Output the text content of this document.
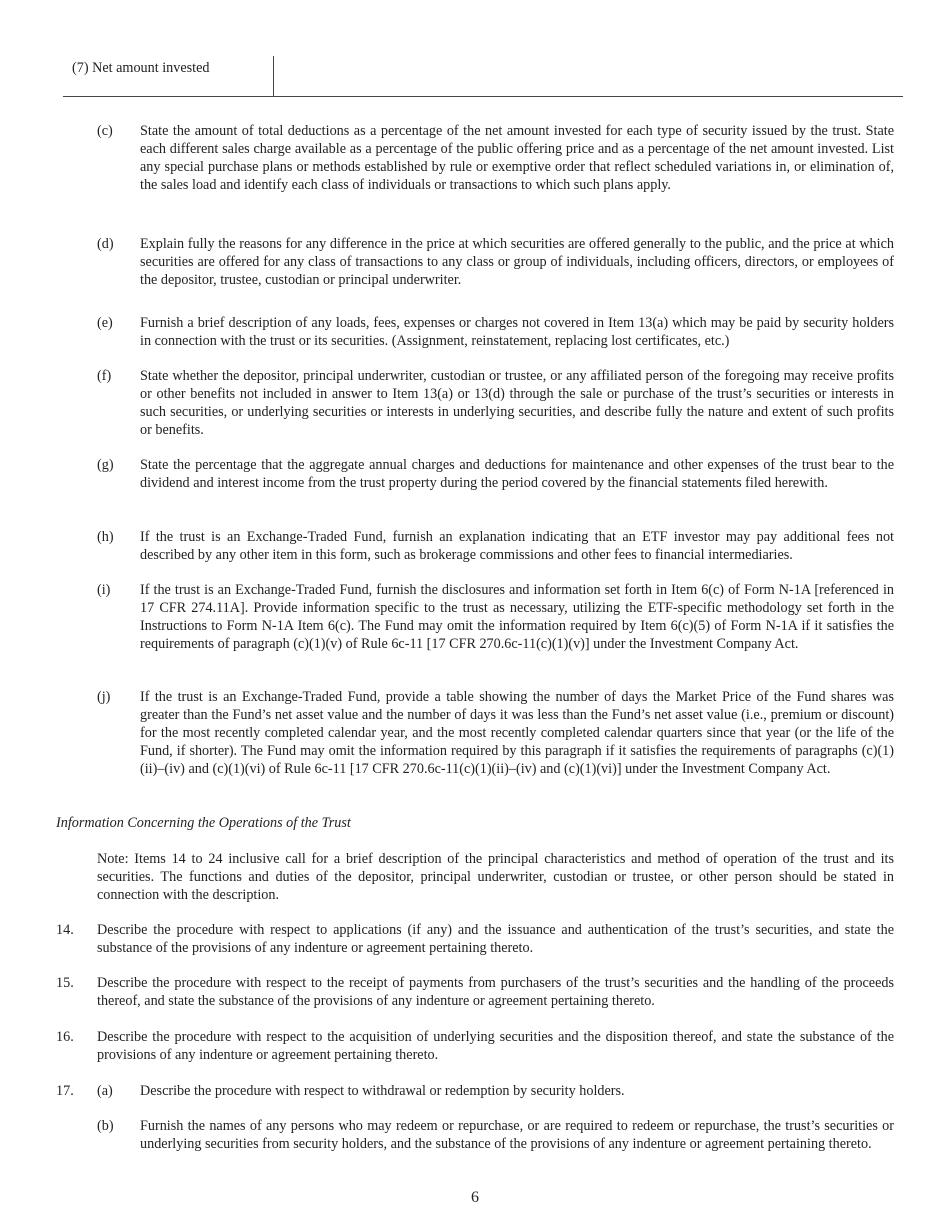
(7) Net amount invested
(c) State the amount of total deductions as a percentage of the net amount invested for each type of security issued by the trust. State each different sales charge available as a percentage of the public offering price and as a percentage of the net amount invested. List any special purchase plans or methods established by rule or exemptive order that reflect scheduled variations in, or elimination of, the sales load and identify each class of individuals or transactions to which such plans apply.
(d) Explain fully the reasons for any difference in the price at which securities are offered generally to the public, and the price at which securities are offered for any class of transactions to any class or group of individuals, including officers, directors, or employees of the depositor, trustee, custodian or principal underwriter.
(e) Furnish a brief description of any loads, fees, expenses or charges not covered in Item 13(a) which may be paid by security holders in connection with the trust or its securities. (Assignment, reinstatement, replacing lost certificates, etc.)
(f) State whether the depositor, principal underwriter, custodian or trustee, or any affiliated person of the foregoing may receive profits or other benefits not included in answer to Item 13(a) or 13(d) through the sale or purchase of the trust’s securities or interests in such securities, or underlying securities or interests in underlying securities, and describe fully the nature and extent of such profits or benefits.
(g) State the percentage that the aggregate annual charges and deductions for maintenance and other expenses of the trust bear to the dividend and interest income from the trust property during the period covered by the financial statements filed herewith.
(h) If the trust is an Exchange-Traded Fund, furnish an explanation indicating that an ETF investor may pay additional fees not described by any other item in this form, such as brokerage commissions and other fees to financial intermediaries.
(i) If the trust is an Exchange-Traded Fund, furnish the disclosures and information set forth in Item 6(c) of Form N-1A [referenced in 17 CFR 274.11A]. Provide information specific to the trust as necessary, utilizing the ETF-specific methodology set forth in the Instructions to Form N-1A Item 6(c). The Fund may omit the information required by Item 6(c)(5) of Form N-1A if it satisfies the requirements of paragraph (c)(1)(v) of Rule 6c-11 [17 CFR 270.6c-11(c)(1)(v)] under the Investment Company Act.
(j) If the trust is an Exchange-Traded Fund, provide a table showing the number of days the Market Price of the Fund shares was greater than the Fund’s net asset value and the number of days it was less than the Fund’s net asset value (i.e., premium or discount) for the most recently completed calendar year, and the most recently completed calendar quarters since that year (or the life of the Fund, if shorter). The Fund may omit the information required by this paragraph if it satisfies the requirements of paragraphs (c)(1)(ii)–(iv) and (c)(1)(vi) of Rule 6c-11 [17 CFR 270.6c-11(c)(1)(ii)–(iv) and (c)(1)(vi)] under the Investment Company Act.
Information Concerning the Operations of the Trust
Note: Items 14 to 24 inclusive call for a brief description of the principal characteristics and method of operation of the trust and its securities. The functions and duties of the depositor, principal underwriter, custodian or trustee, or other person should be stated in connection with the description.
14. Describe the procedure with respect to applications (if any) and the issuance and authentication of the trust’s securities, and state the substance of the provisions of any indenture or agreement pertaining thereto.
15. Describe the procedure with respect to the receipt of payments from purchasers of the trust’s securities and the handling of the proceeds thereof, and state the substance of the provisions of any indenture or agreement pertaining thereto.
16. Describe the procedure with respect to the acquisition of underlying securities and the disposition thereof, and state the substance of the provisions of any indenture or agreement pertaining thereto.
17. (a) Describe the procedure with respect to withdrawal or redemption by security holders.
(b) Furnish the names of any persons who may redeem or repurchase, or are required to redeem or repurchase, the trust’s securities or underlying securities from security holders, and the substance of the provisions of any indenture or agreement pertaining thereto.
6
